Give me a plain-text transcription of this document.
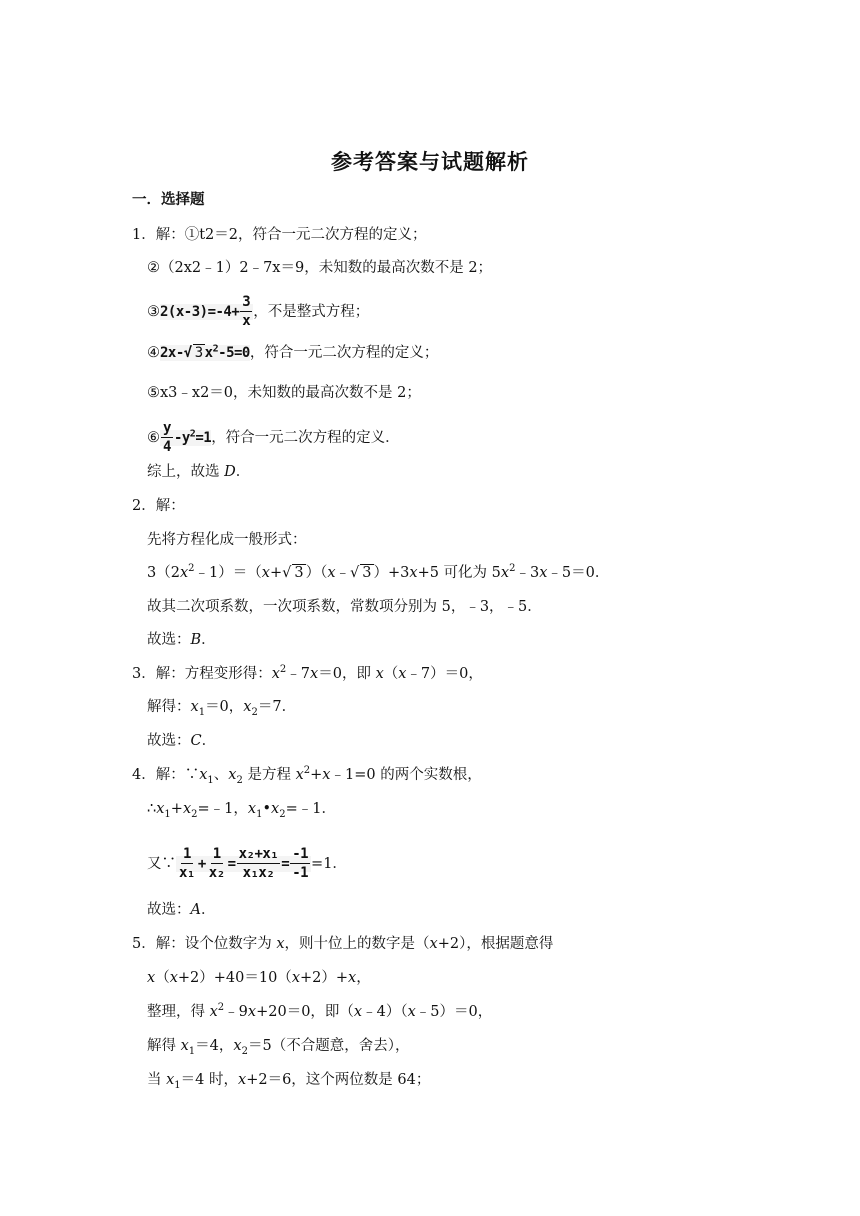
参考答案与试题解析
一．选择题
1．解：①t2＝2，符合一元二次方程的定义；
②（2x2﹣1）2﹣7x＝9，未知数的最高次数不是 2；
③2(x-3)=-4+ $\frac{3}{x}$ ，不是整式方程；
④2x-√ 3 $x^2-5=0$，符合一元二次方程的定义；
⑤x3﹣x2＝0，未知数的最高次数不是 2；
⑥ $\frac{y}{4} -y^2=1$，符合一元二次方程的定义．
综上，故选 D．
2．解：
先将方程化成一般形式：
$3(2x^2﹣1)=(x+√$ 3 ）（x﹣√ 3 ）+3x+5 可化为 $5x^2﹣3x﹣5=0$．
故其二次项系数，一次项系数，常数项分别为 5，﹣3，﹣5．
故选：B．
3．解：方程变形得：$x^2﹣7x=0$，即 x（x﹣7）＝0，
解得：$x_1=0$，$x_2=7$．
故选：C．
4．解：$\because x_1$、$x_2$ 是方程 $x^2+x﹣1=0$ 的两个实数根，
$\therefore x_1+x_2=﹣1$，$x_1•x_2=﹣1$．
又∵ $\frac{1}{\text{x₁}} + \frac{1}{\text{x₂}} = \frac{\text{x₂+x₁}}{\text{x₁x₂}} = \frac{-1}{-1} =1$．
故选：A．
5．解：设个位数字为 x，则十位上的数字是（x+2），根据题意得
x（x+2）+40＝10（x+2）+x，
整理，得 $x^2﹣9x+20=0$，即（x﹣4）（x﹣5）＝0，
解得 $x_1=4$，$x_2=5$（不合题意，舍去），
当 $x_1=4$ 时，x+2＝6，这个两位数是 64；
